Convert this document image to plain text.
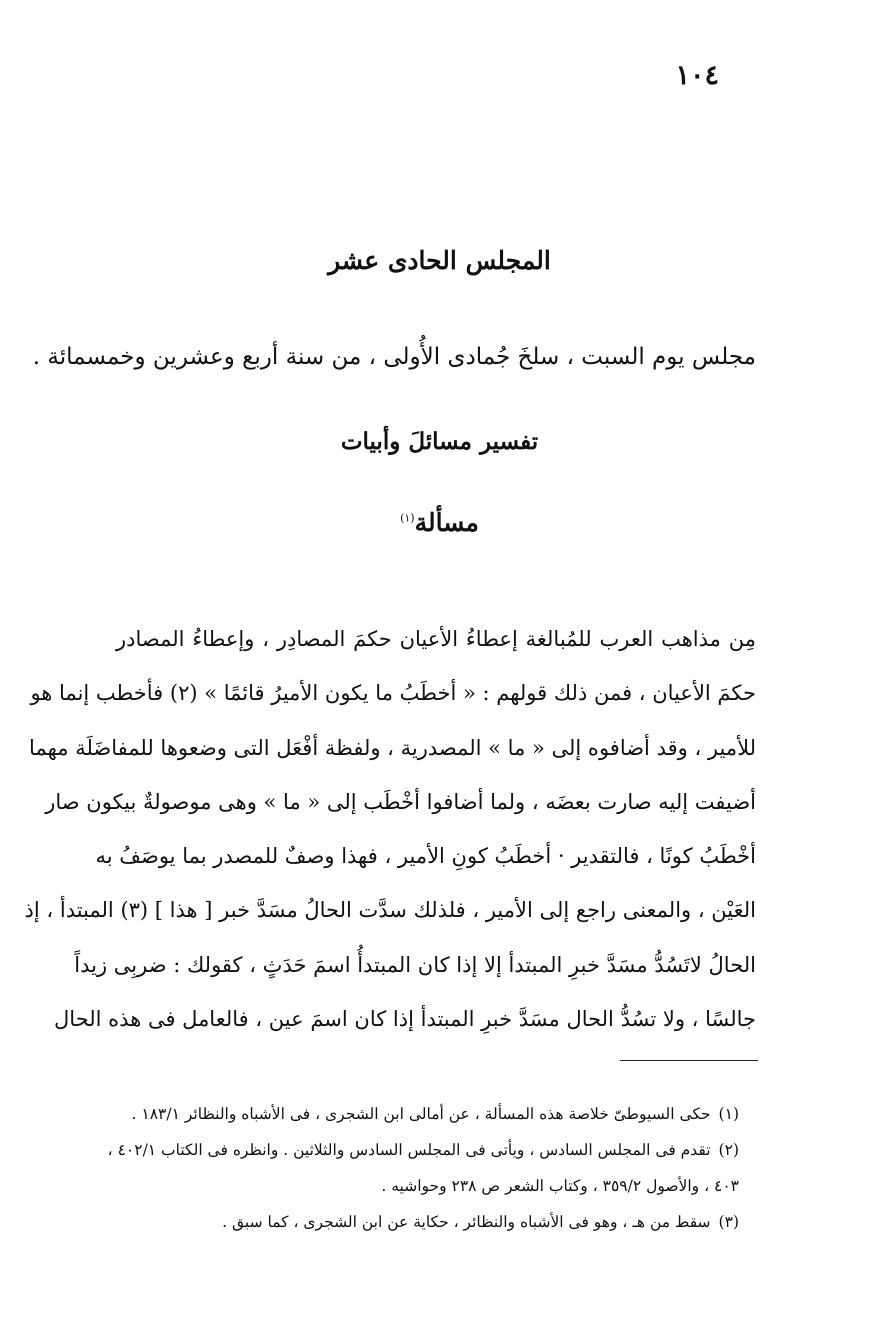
١٠٤
المجلس الحادى عشر
مجلس يوم السبت ، سلخَ جُمادى الأُولى ، من سنة أربع وعشرين وخمسمائة .
تفسير مسائلَ وأبيات
مسألة$^{(١)}$
مِن مذاهب العرب للمُبالغة إعطاءُ الأعيان حكمَ المصادِر ، وإعطاءُ المصادر
حكمَ الأعيان ، فمن ذلك قولهم : « أخطَبُ ما يكون الأميرُ قائمًا » (٢) فأخطب إنما هو
للأمير ، وقد أضافوه إلى « ما » المصدرية ، ولفظة أفْعَل التى وضعوها للمفاضَلَة مهما
أضيفت إليه صارت بعضَه ، ولما أضافوا أخْطَب إلى « ما » وهى موصولةٌ بيكون صار
أخْطَبُ كونًا ، فالتقدير · أخطَبُ كونِ الأمير ، فهذا وصفٌ للمصدر بما يوصَفُ به
العَيْن ، والمعنى راجع إلى الأمير ، فلذلك سدَّت الحالُ مسَدَّ خبر [ هذا ] (٣) المبتدأ ، إذ
الحالُ لاتَسُدُّ مسَدَّ خبرِ المبتدأ إلا إذا كان المبتدأُ اسمَ حَدَثٍ ، كقولك : ضربِى زيداً
جالسًا ، ولا تسُدُّ الحال مسَدَّ خبرِ المبتدأ إذا كان اسمَ عين ، فالعامل فى هذه الحال
(١)حكى السيوطىّ خلاصة هذه المسألة ، عن أمالى ابن الشجرى ، فى الأشباه والنظائر ١٨٣/١ .
(٢)تقدم فى المجلس السادس ، ويأتى فى المجلس السادس والثلاثين . وانظره فى الكتاب ٤٠٢/١ ،
٤٠٣ ، والأصول ٣٥٩/٢ ، وكتاب الشعر ص ٢٣٨ وحواشيه .
(٣)سقط من هـ ، وهو فى الأشباه والنظائر ، حكاية عن ابن الشجرى ، كما سبق .
